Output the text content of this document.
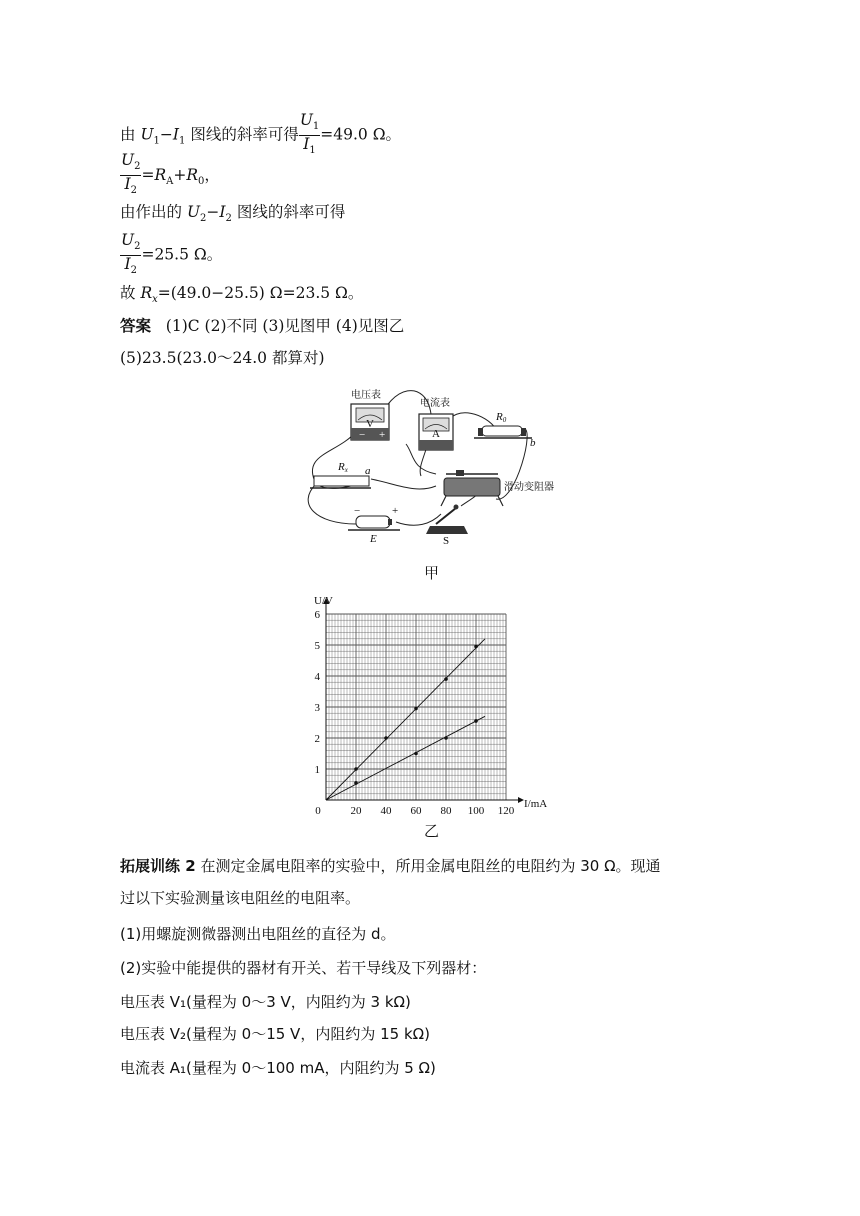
由 $U_1-I_1$ 图线的斜率可得 $\frac{U_1}{I_1} =49.0$ Ω。
$\frac{U_2}{I_2} =R_A+R_0$，
由作出的 $U_2-I_2$ 图线的斜率可得
$\frac{U_2}{I_2} =25.5$ Ω。
故 $R_x=(49.0-25.5)$ Ω=23.5 Ω。
答案 (1)C (2)不同 (3)见图甲 (4)见图乙
(5)23.5(23.0～24.0 都算对)
V
− +
电压表
A
电流表
R0
b
Rx a
滑动变阻器
−	+
E	S
甲
0	20 40 60 80 100 120
1
2
3
4
5
6
U/V
I/mA
乙
拓展训练 2 在测定金属电阻率的实验中，所用金属电阻丝的电阻约为 30 Ω。现通
过以下实验测量该电阻丝的电阻率。
(1)用螺旋测微器测出电阻丝的直径为 d。
(2)实验中能提供的器材有开关、若干导线及下列器材：
电压表 V₁(量程为 0～3 V，内阻约为 3 kΩ)
电压表 V₂(量程为 0～15 V，内阻约为 15 kΩ)
电流表 A₁(量程为 0～100 mA，内阻约为 5 Ω)
